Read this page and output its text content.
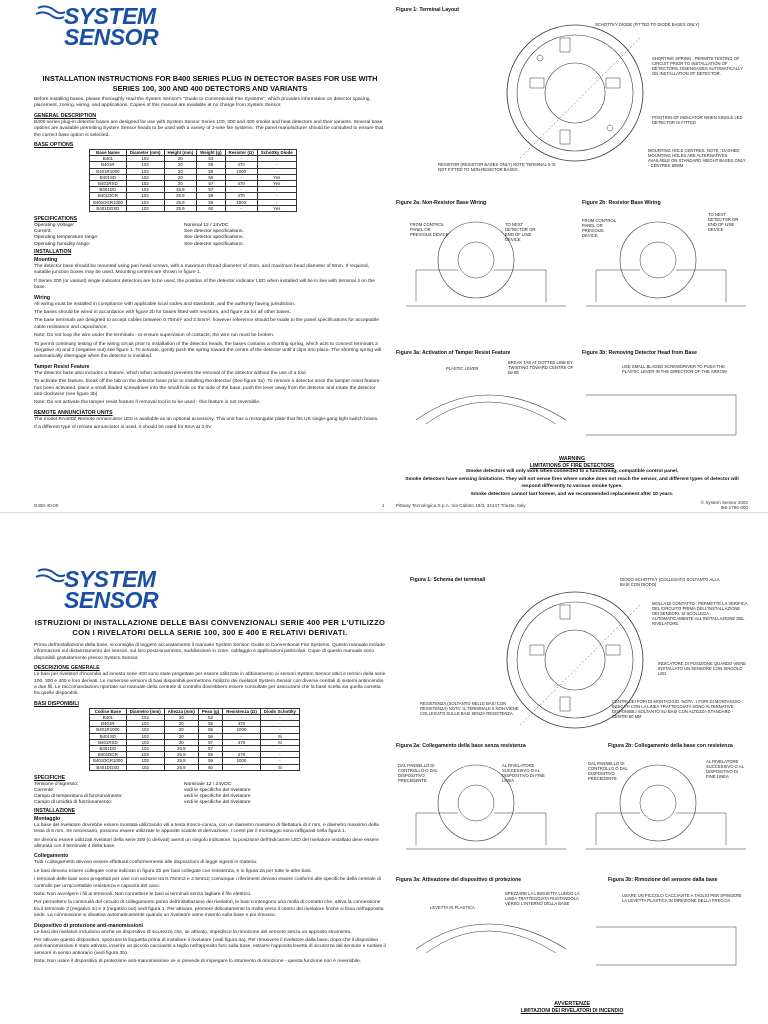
SYSTEM
SENSOR
INSTALLATION INSTRUCTIONS FOR B400 SERIES PLUG IN DETECTOR BASES FOR USE WITH SERIES 100, 300 AND 400 DETECTORS AND VARIANTS

Before installing bases, please thoroughly read the System Sensor's "Guide to Conventional Fire Systems", which provides information on detector spacing, placement, zoning, wiring, and applications. Copies of this manual are available at no charge from System Sensor.

GENERAL DESCRIPTION

B400 series plug-in detector bases are designed for use with System Sensor Series 100, 300 and 400 smoke and heat detectors and their variants. Several base options are available permitting System Sensor heads to be used with a variety of 2-wire fire systems. The panel manufacturer should be consulted to ensure that the correct base option is selected.

BASE OPTIONS
Base Name	Diameter (mm)	Height (mm)	Weight (g)	Resistor (Ω)	Schottky Diode
B401	102	20	53	-	-
B401R	102	20	55	470	-
B401R1000	102	20	55	1000	-
B401SD	102	20	56	-	Yes
B401RSD	102	20	57	470	Yes
B401DG	102	25.9	57	-	-
B401DGR	102	25.9	59	470	-
B401DGR1000	102	25.9	59	1000	-
B401DGSD	102	25.9	60	-	Yes
SPECIFICATIONS
Operating Voltage:	Nominal 12 / 24VDC
Current:	See detector specifications.
Operating temperature range:	See detector specifications.
Operating humidity range:	See detector specifications.
INSTALLATION
Mounting

The detector base should be mounted using pan head screws, with a maximum thread diameter of 4mm, and maximum head diameter of 8mm. If required, suitable junction boxes may be used. Mounting centres are shown in figure 1.

If Series 300 (or variant) single indicator detectors are to be used, the position of the detector indicator LED when installed will be in line with terminal 4 on the base.

Wiring

All wiring must be installed in compliance with applicable local codes and standards, and the authority having jurisdiction.

The bases should be wired in accordance with figure 2b for bases fitted with resistors, and figure 2a for all other bases.

The base terminals are designed to accept cables between 0.75mm² and 2.5mm², however reference should be made to the panel specifications for acceptable cable resistance and capacitance.

Note: Do not loop the wire under the terminals - to ensure supervision of contacts, the wire run must be broken.

To permit continuity testing of the wiring circuit prior to installation of the detector heads, the bases contains a shorting spring, which acts to connect terminals 2 (negative in) and 3 (negative out) see figure 1. To activate, gently push the spring toward the centre of the detector until it clips into place. The shorting spring will automatically disengage when the detector is installed.

Tamper Resist Feature

The detector base also includes a feature, which when activated prevents the removal of the detector without the use of a tool.

To activate this feature, break off the tab on the detector base prior to installing the detector (See figure 3a). To remove a detector once the tamper resist feature has been activated, place a small bladed screwdriver into the small hole on the side of the base, push the lever away from the detector and rotate the detector anti-clockwise (see figure 3b).

Note: Do not activate the tamper resist feature if removal tool is to be used - this feature is not reversible.

REMOTE ANNUNCIATOR UNITS

The model RA400Z Remote Annunciator LED is available as an optional accessory. This unit has a rectangular plate that fits UK single-gang light switch boxes.

If a different type of remote annunciator is used, it should be rated for 5mA at 3.0V

Figure 1: Terminal Layout
SCHOTTKY DIODE (FITTED TO DIODE BASES ONLY)
SHORTING SPRING : PERMITS TESTING OF CIRCUIT PRIOR TO INSTALLATION OF DETECTORS. DISENGAGES AUTOMATICALLY ON INSTALLATION OF DETECTOR.
POSITION OF INDICATOR WHEN SINGLE LED DETECTOR IS FITTED
MOUNTING HOLE CENTRES. NOTE : DASHED MOUNTING HOLES ARE ALTERNATIVES AVAILABLE ON STANDARD HEIGHT BASES ONLY - CENTRES 50MM
RESISTOR (RESISTOR BASES ONLY) NOTE TERMINAL 5 IS NOT FITTED TO NON-RESISTOR BASES.
Figure 2a: Non-Resistor Base Wiring	Figure 2b: Resistor Base Wiring
FROM CONTROL PANEL OR PREVIOUS DEVICE
TO NEXT DETECTOR OR END OF LINE DEVICE
FROM CONTROL PANEL OR PREVIOUS DEVICE
TO NEXT DETECTOR OR END OF LINE DEVICE
Figure 3a: Activation of Tamper Resist Feature	Figure 3b: Removing Detector Head from Base
PLASTIC LEVER
BREAK TAB AT DOTTED LINE BY TWISTING TOWARD CENTRE OF BASE
USE SMALL BLADED SCREWDRIVER TO PUSH THE PLASTIC LEVER IN THE DIRECTION OF THE ARROW
WARNING
LIMITATIONS OF FIRE DETECTORS

Smoke detectors will only work when connected to a functioning, compatible control panel.

Smoke detectors have sensing limitations. They will not sense fires where smoke does not reach the sensor, and different types of detector will respond differently to various smoke types.

Smoke detectors cannot last forever, and we recommended replacement after 10 years.

D450-40-00	1 Pittway Tecnologica S.p.A. Via Caboto 19/3, 34147 Trieste, Italy
© System Sensor 2002
I56-1796-000
SYSTEM
SENSOR
ISTRUZIONI DI INSTALLAZIONE DELLE BASI CONVENZIONALI SERIE 400 PER L'UTILIZZO CON I RIVELATORI DELLA SERIE 100, 300 E 400 E RELATIVI DERIVATI.

Prima dell'installazione della base, si consiglia di leggere accuratamente il manuale System Sensor, Guide to Conventional Fire Systems. Questo manuale include informazioni sul distanziamento dei sensori, sul loro posizionamento, suddivisione in zone, cablaggio e applicazioni particolari. Copie di questo manuale sono disponibili gratuitamente presso System Sensor.

DESCRIZIONE GENERALE

Le basi per rivelatori d'incendio ad innesto serie 400 sono state progettate per essere utilizzate in abbinamento ai sensori System Sensor ottici e termici della serie 100, 300 e 400 e loro derivati. Le numerose versioni di basi disponibili permettono l'utilizzo dei rivelatori System Sensor con diverse centrali di sistemi antincendio a due fili. Le raccomandazioni riportate sul manuale della centrale di controllo dovrebbero essere consultate per assicurarsi che la base scelta sia quella corretta fra quelle disponibili.

BASI DISPONIBILI
Codice Base	Diametro (mm)	Altezza (mm)	Peso (g)	Resistenza (Ω)	Diodo Schottky
B401	102	20	53	-	-
B401R	102	20	55	470	-
B401R1000	102	20	55	1000	-
B401SD	102	20	56	-	Si
B401RSD	102	20	57	470	Si
B401DG	102	25.9	57	-	-
B401DGR	102	25.9	59	470	-
B401DGR1000	102	25.9	59	1000	-
B401DGSD	102	25.9	60	-	Si
SPECIFICHE
Tensione d'ingresso:	Nominale 12 / 24VDC
Corrente:	vedi le specifiche del rivelatore
Campo di temperatura di funzionamento:	vedi le specifiche del rivelatore
Campo di umidità di funzionamento:	vedi le specifiche del rivelatore
INSTALLAZIONE
Montaggio

La base del rivelatore dovrebbe essere montata utilizzando viti a testa tronco-conica, con un diametro massimo di filettatura di 4 mm, e diametro massimo della testa di 8 mm. Se necessario, possono essere utilizzate le apposite scatole di derivazione. I centri per il montaggio sono raffigurati nella figura 1.

Se devono essere utilizzati rivelatori della serie 300 (o derivati) aventi un singolo indicatore, la posizione dell'indicatore LED del rivelatore installato deve essere allineata con il terminale 4 della base.

Collegamento

Tutti i collegamenti devono essere effettuati conformemente alle disposizioni di legge vigenti in materia.

Le basi devono essere collegate come indicato in figura 2b per basi collegate con resistenza, e in figura 2a per tutte le altre basi.

I terminali delle basi sono progettati per cavi con sezione tra 0.75mm2 e 2.5mm2; comunque i riferimenti devono essere conformi alle specifiche della centrale di controllo per un'accettabile resistenza e capacità del cavo.

Nota: Non avvolgere i fili ai terminali. Non connettere le basi ai terminali senza tagliare il filo elettrico.

Per permettere la continuità del circuito di collegamento prima dell'installazione dei rivelatori, le basi contengono una molla di contatto che, attiva la connessione tra il terminale 2 (negativo in) e 3 (negativo out) vedi figura 1. Per attivare, premere delicatamente la molla verso il centro del rivelatore finché si fissa nell'apposita sede. La connessione si disattiva automaticamente quando un rivelatore viene inserito sulla base e poi rimosso.

Dispositivo di protezione anti-manomissioni

Le basi del rivelatori includono anche un dispositivo di sicurezza che, se attivato, impedisce la rimozione del sensore senza un apposito strumento.

Per attivare questo dispositivo, spezzare la linguetta prima di installare il rivelatore (vedi figura 3a). Per rimuovere il rivelatore dalla base, dopo che il dispositivo anti-manomissioni è stato attivato, inserire un piccolo cacciavite a taglio nell'apposito foro sulla base, estrarre l'apposita levetta di sicurezza del sensore e ruotare il sensore in senso antiorario (vedi figura 3b).

Nota: Non usare il dispositivo di protezione anti-manomissione se si prevede di impiegare lo strumento di rimozione - questa funzione non è reversibile.

Figura 1: Schema dei terminali	DIODO SCHOTTKY (COLLEGATO SOLTANTO ALLA BASI CON DIODO)
MOLLA DI CONTATTO : PERMETTE LA VERIFICA DEL CIRCUITO PRIMA DELL'INSTALLAZIONE DEI SENSORI. SI SCOLLEGA AUTOMATICAMENTE ALL'INSTALLAZIONE DEL RIVELATORE.
INDICATORE DI POSIZIONE QUANDO VIENE INSTALLATO UN SENSORE CON SINGOLO LED
CENTRI DEI FORI DI MONTAGGIO. NOTA : I FORI DI MONTAGGIO INDICATI CON LA LINEA TRATTEGGIATA SONO ALTERNATIVE DISPONIBILI SOLTANTO SU BASI CON ALTEZZA STANDARD - CENTRI 50 MM
RESISTENZA (SOLTANTO NELLE BASI CON RESISTENZA) NOTA: IL TERMINALE 5 NON VIENE COLLEGATO SULLE BASI SENZA RESISTENZA.
Figura 2a: Collegamento della base senza resistenza	Figura 2b: Collegamento della base con resistenza
DAL PANNELLO DI CONTROLLO O DAL DISPOSITIVO PRECEDENTE
AL RIVELATORE SUCCESSIVO O AL DISPOSITIVO DI FINE LINEA
DAL PANNELLO DI CONTROLLO O DAL DISPOSITIVO PRECEDENTE
AL RIVELATORE SUCCESSIVO O AL DISPOSITIVO DI FINE LINEA
Figura 3a: Attivazione del dispositivo di protezione	Figura 3b: Rimozione del sensore dalla base
LEVETTA IN PLASTICA
SPEZZARE LA LINGUETTA LUNGO LA LINEA TRATTEGGIATA RUOTANDOLA VERSO L'INTERNO DELLA BASE
USARE UN PICCOLO CACCIAVITE A TAGLIO PER SPINGERE LA LEVETTA PLASTICA IN DIREZIONE DELLA FRECCIA
AVVERTENZE
LIMITAZIONI DEI RIVELATORI DI INCENDIO
